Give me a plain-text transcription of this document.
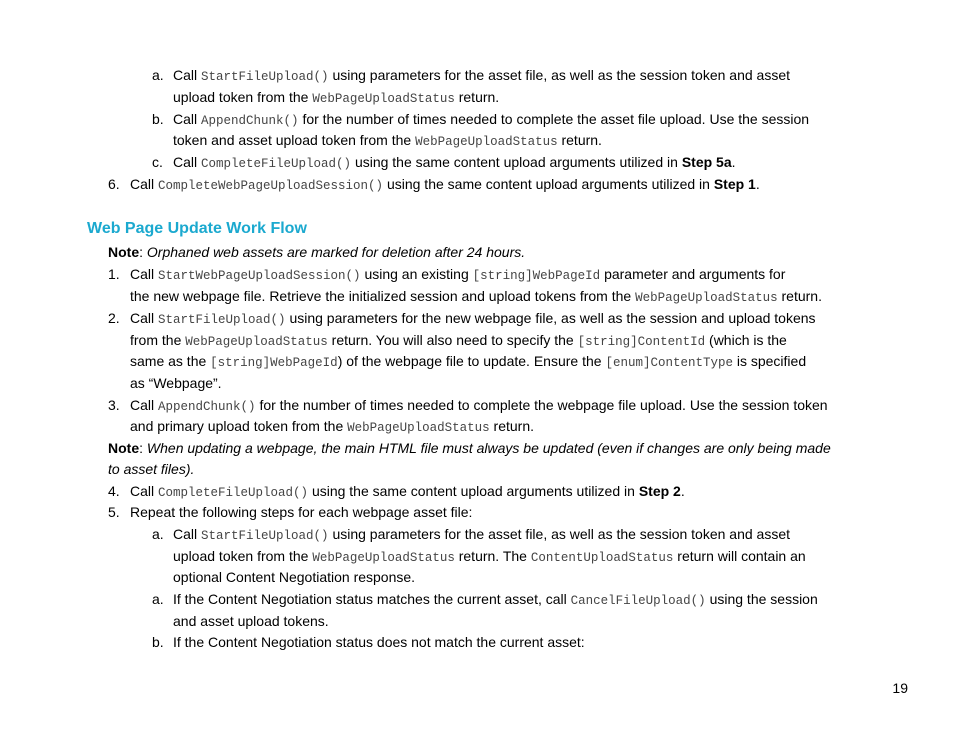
a. Call StartFileUpload() using parameters for the asset file, as well as the session token and asset
upload token from the WebPageUploadStatus return.
b. Call AppendChunk() for the number of times needed to complete the asset file upload. Use the session
token and asset upload token from the WebPageUploadStatus return.
c. Call CompleteFileUpload() using the same content upload arguments utilized in Step 5a.
6. Call CompleteWebPageUploadSession() using the same content upload arguments utilized in Step 1.
Web Page Update Work Flow
Note: Orphaned web assets are marked for deletion after 24 hours.
1. Call StartWebPageUploadSession() using an existing [string]WebPageId parameter and arguments for
the new webpage file. Retrieve the initialized session and upload tokens from the WebPageUploadStatus return.
2. Call StartFileUpload() using parameters for the new webpage file, as well as the session and upload tokens
from the WebPageUploadStatus return. You will also need to specify the [string]ContentId (which is the
same as the [string]WebPageId) of the webpage file to update. Ensure the [enum]ContentType is specified
as “Webpage”.
3. Call AppendChunk() for the number of times needed to complete the webpage file upload. Use the session token
and primary upload token from the WebPageUploadStatus return.
Note: When updating a webpage, the main HTML file must always be updated (even if changes are only being made
to asset files).
4. Call CompleteFileUpload() using the same content upload arguments utilized in Step 2.
5. Repeat the following steps for each webpage asset file:
a. Call StartFileUpload() using parameters for the asset file, as well as the session token and asset
upload token from the WebPageUploadStatus return. The ContentUploadStatus return will contain an
optional Content Negotiation response.
a. If the Content Negotiation status matches the current asset, call CancelFileUpload() using the session
and asset upload tokens.
b. If the Content Negotiation status does not match the current asset:
19
